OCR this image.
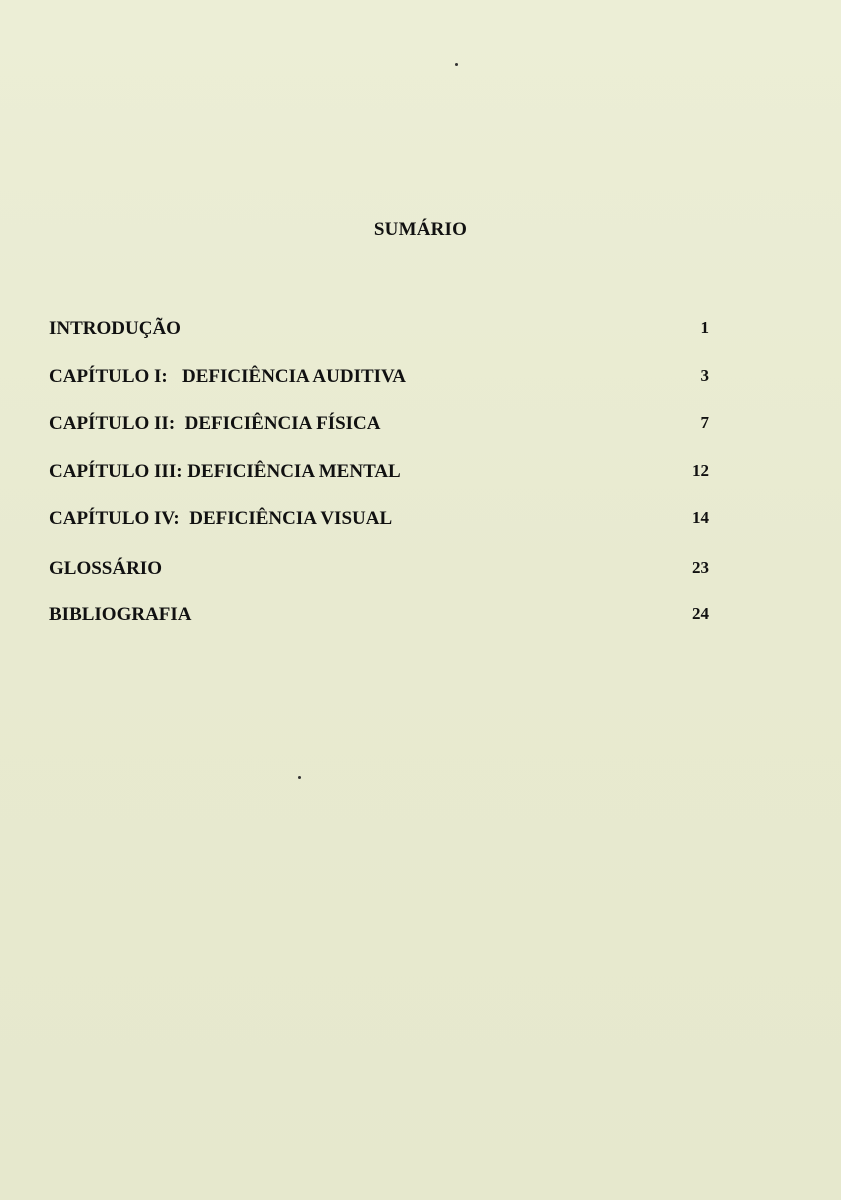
SUMÁRIO
INTRODUÇÃO	1
CAPÍTULO I:   DEFICIÊNCIA AUDITIVA	3
CAPÍTULO II:  DEFICIÊNCIA FÍSICA	7
CAPÍTULO III: DEFICIÊNCIA MENTAL	12
CAPÍTULO IV:  DEFICIÊNCIA VISUAL	14
GLOSSÁRIO	23
BIBLIOGRAFIA	24
